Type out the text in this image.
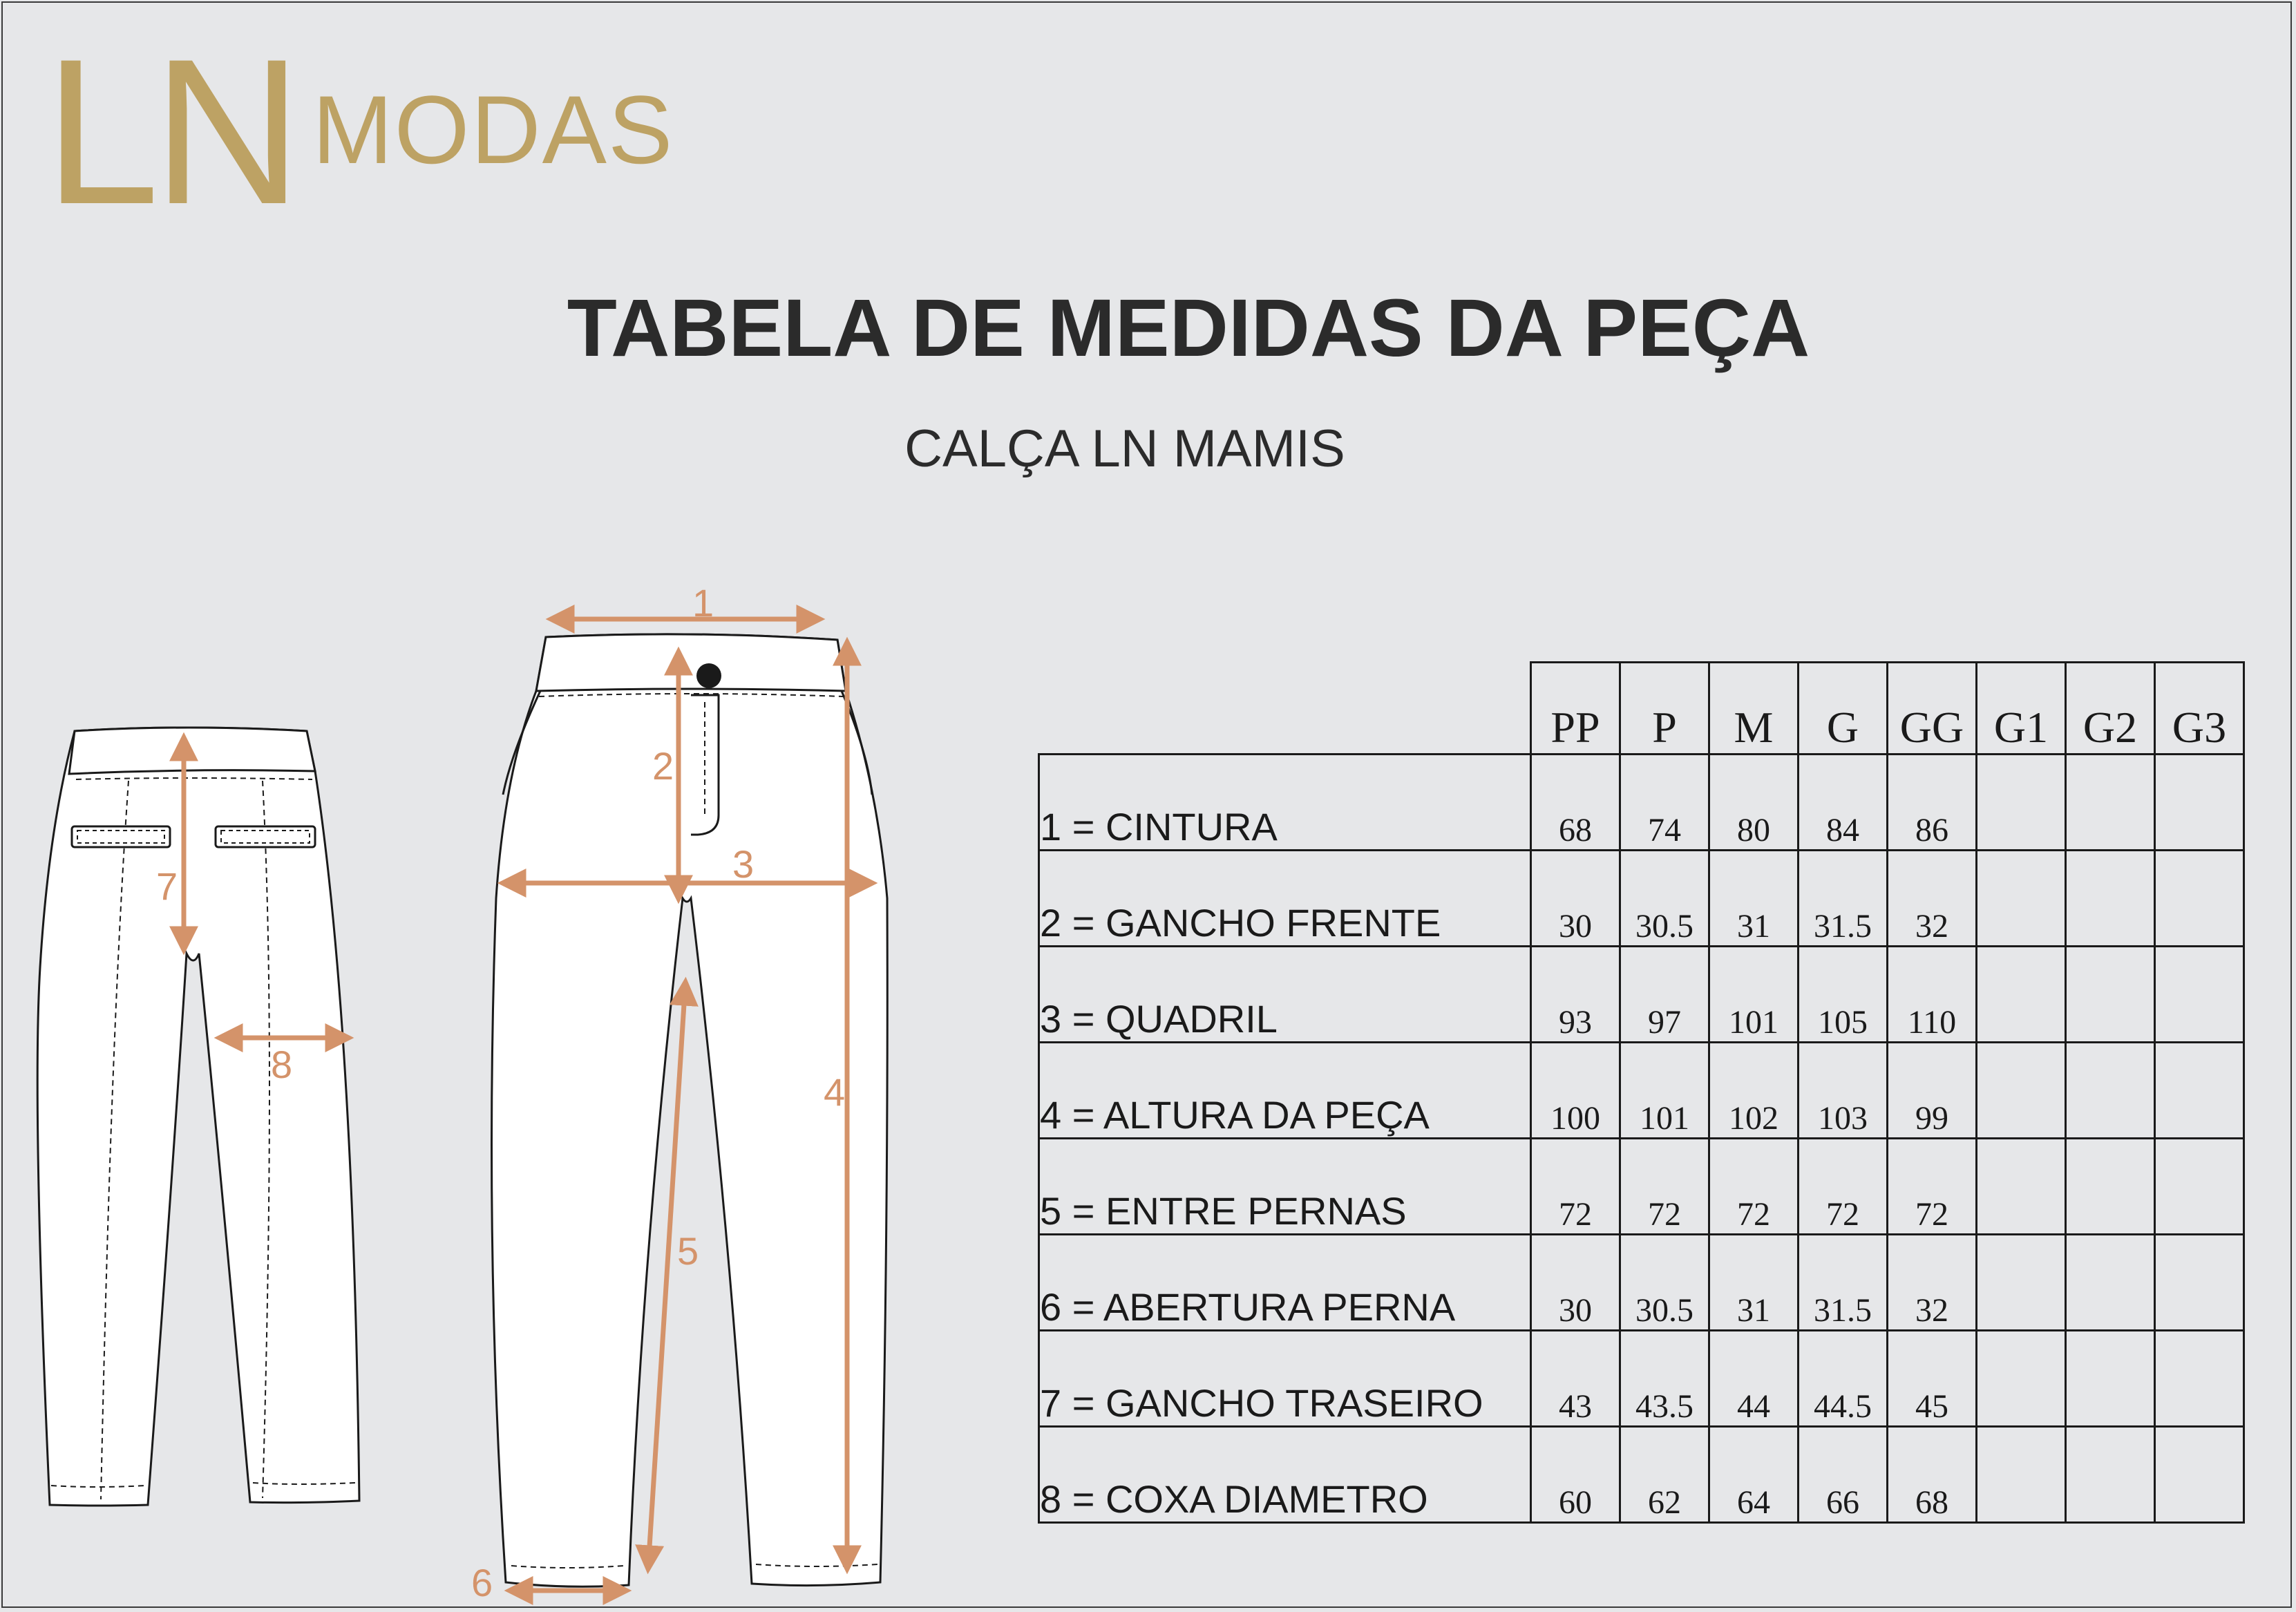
LN MODAS
TABELA DE MEDIDAS DA PEÇA
CALÇA LN MAMIS
1
2
3
4
5
6
7
8
	PP	P	M	G	GG	G1	G2	G3
1 = CINTURA	68	74	80	84	86			
2 = GANCHO FRENTE	30	30.5	31	31.5	32			
3 = QUADRIL	93	97	101	105	110			
4 = ALTURA DA PEÇA	100	101	102	103	99			
5 = ENTRE PERNAS	72	72	72	72	72			
6 = ABERTURA PERNA	30	30.5	31	31.5	32			
7 = GANCHO TRASEIRO	43	43.5	44	44.5	45			
8 = COXA DIAMETRO	60	62	64	66	68			
